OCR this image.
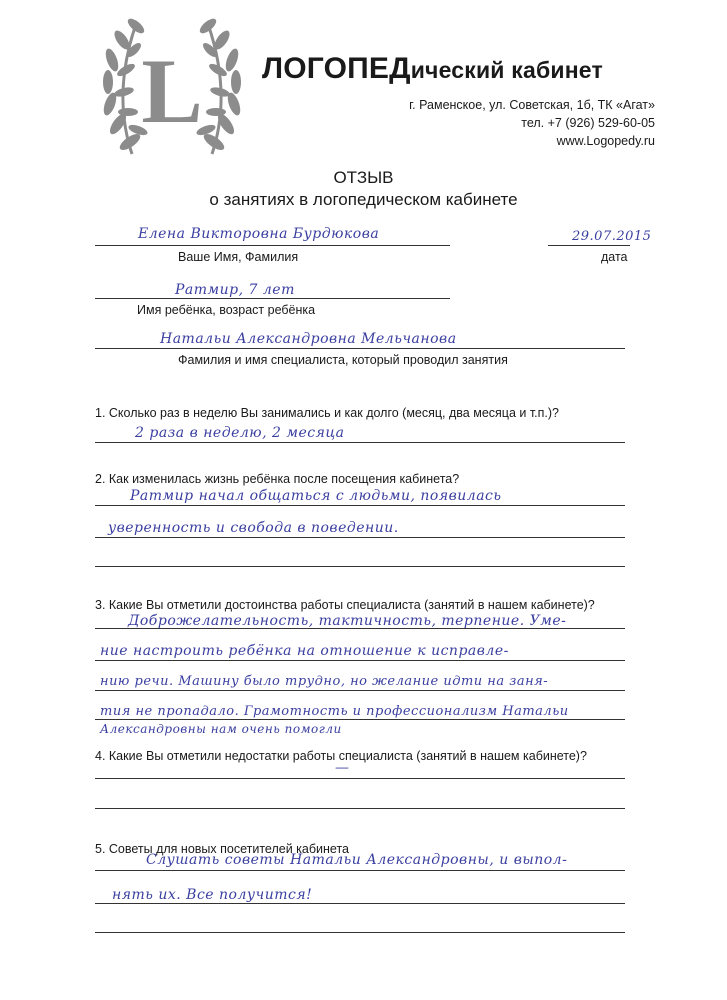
L ЛОГОПЕДический кабинет
г. Раменское, ул. Советская, 1б, ТК «Агат»
тел. +7 (926) 529-60-05
www.Logopedy.ru
ОТЗЫВ
о занятиях в логопедическом кабинете
Елена Викторовна Бурдюкова
Ваше Имя, Фамилия
29.07.2015
дата
Ратмир, 7 лет
Имя ребёнка, возраст ребёнка
Натальи Александровна Мельчанова
Фамилия и имя специалиста, который проводил занятия
1. Сколько раз в неделю Вы занимались и как долго (месяц, два месяца и т.п.)?
2 раза в неделю, 2 месяца
2. Как изменилась жизнь ребёнка после посещения кабинета?
Ратмир начал общаться с людьми, появилась
уверенность и свобода в поведении.
3. Какие Вы отметили достоинства работы специалиста (занятий в нашем кабинете)?
Доброжелательность, тактичность, терпение. Уме-
ние настроить ребёнка на отношение к исправле-
нию речи. Машину было трудно, но желание идти на заня-
тия не пропадало. Грамотность и профессионализм Натальи
Александровны нам очень помогли
4. Какие Вы отметили недостатки работы специалиста (занятий в нашем кабинете)?
—
5. Советы для новых посетителей кабинета
Слушать советы Натальи Александровны, и выпол-
нять их. Все получится!
